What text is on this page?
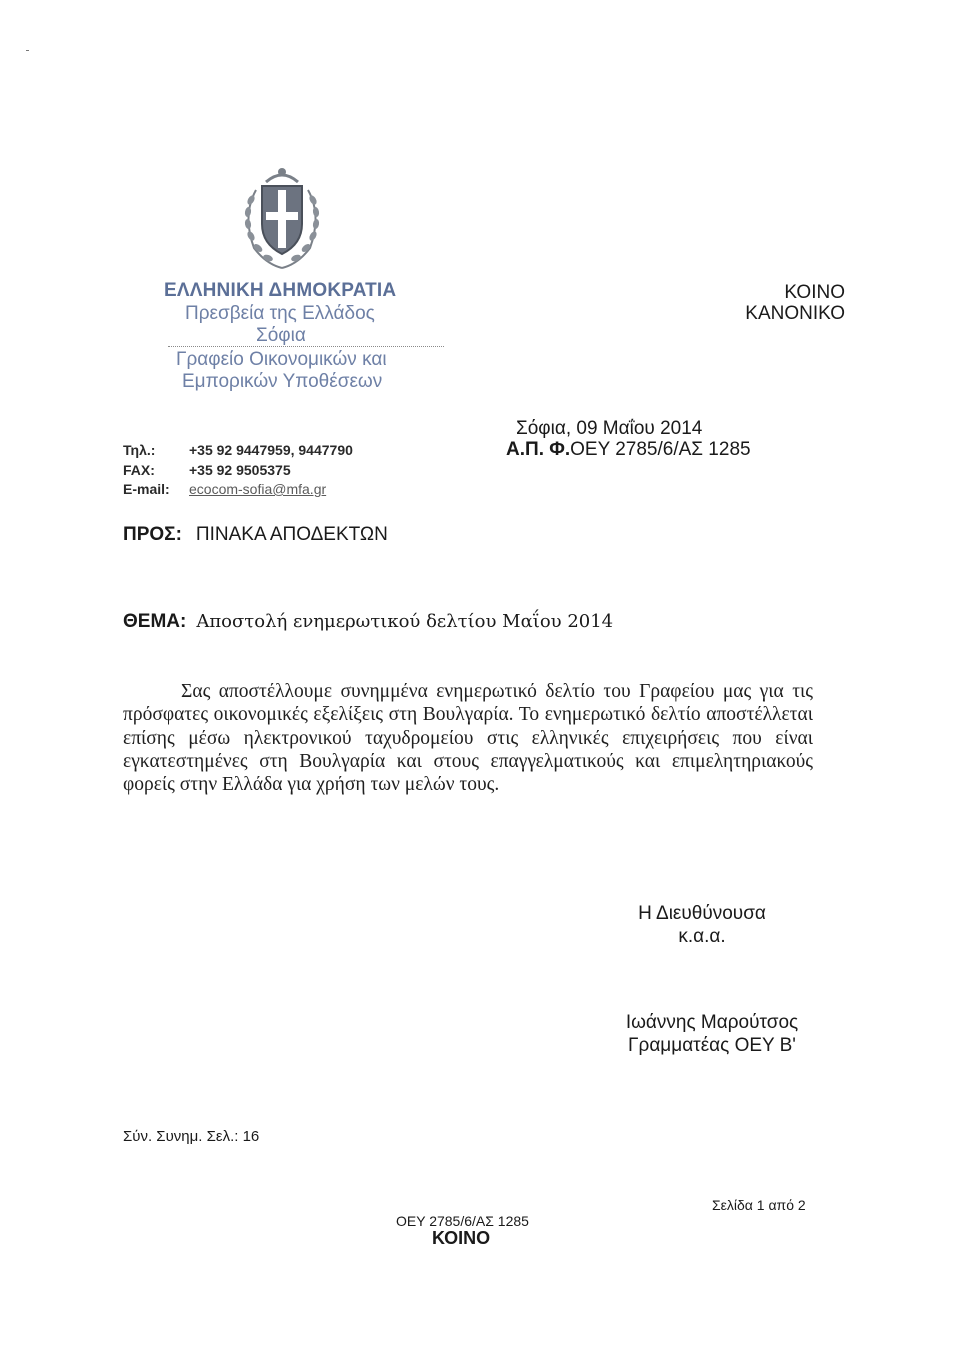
ΕΛΛΗΝΙΚΗ ΔΗΜΟΚΡΑΤΙΑ
Πρεσβεία της Ελλάδος
Σόφια
Γραφείο Οικονομικών και
Εμπορικών Υποθέσεων
ΚΟΙΝΟ
ΚΑΝΟΝΙΚΟ
Σόφια, 09 Μαΐου 2014
Α.Π. Φ.ΟΕΥ 2785/6/ΑΣ 1285
Τηλ.: +35 92 9447959, 9447790
FAX: +35 92 9505375
E-mail: ecocom-sofia@mfa.gr
ΠΡΟΣ: ΠΙΝΑΚΑ ΑΠΟΔΕΚΤΩΝ
ΘΕΜΑ: Αποστολή ενημερωτικού δελτίου Μαΐου 2014
Σας αποστέλλουμε συνημμένα ενημερωτικό δελτίο του Γραφείου μας για τις πρόσφατες οικονομικές εξελίξεις στη Βουλγαρία. Το ενημερωτικό δελτίο αποστέλλεται επίσης μέσω ηλεκτρονικού ταχυδρομείου στις ελληνικές επιχειρήσεις που είναι εγκατεστημένες στη Βουλγαρία και στους επαγγελματικούς και επιμελητηριακούς φορείς στην Ελλάδα για χρήση των μελών τους.
Η Διευθύνουσα
κ.α.α.
Ιωάννης Μαρούτσος
Γραμματέας ΟΕΥ Β'
Σύν. Συνημ. Σελ.: 16
Σελίδα 1 από 2
ΟΕΥ 2785/6/ΑΣ 1285
ΚΟΙΝΟ
